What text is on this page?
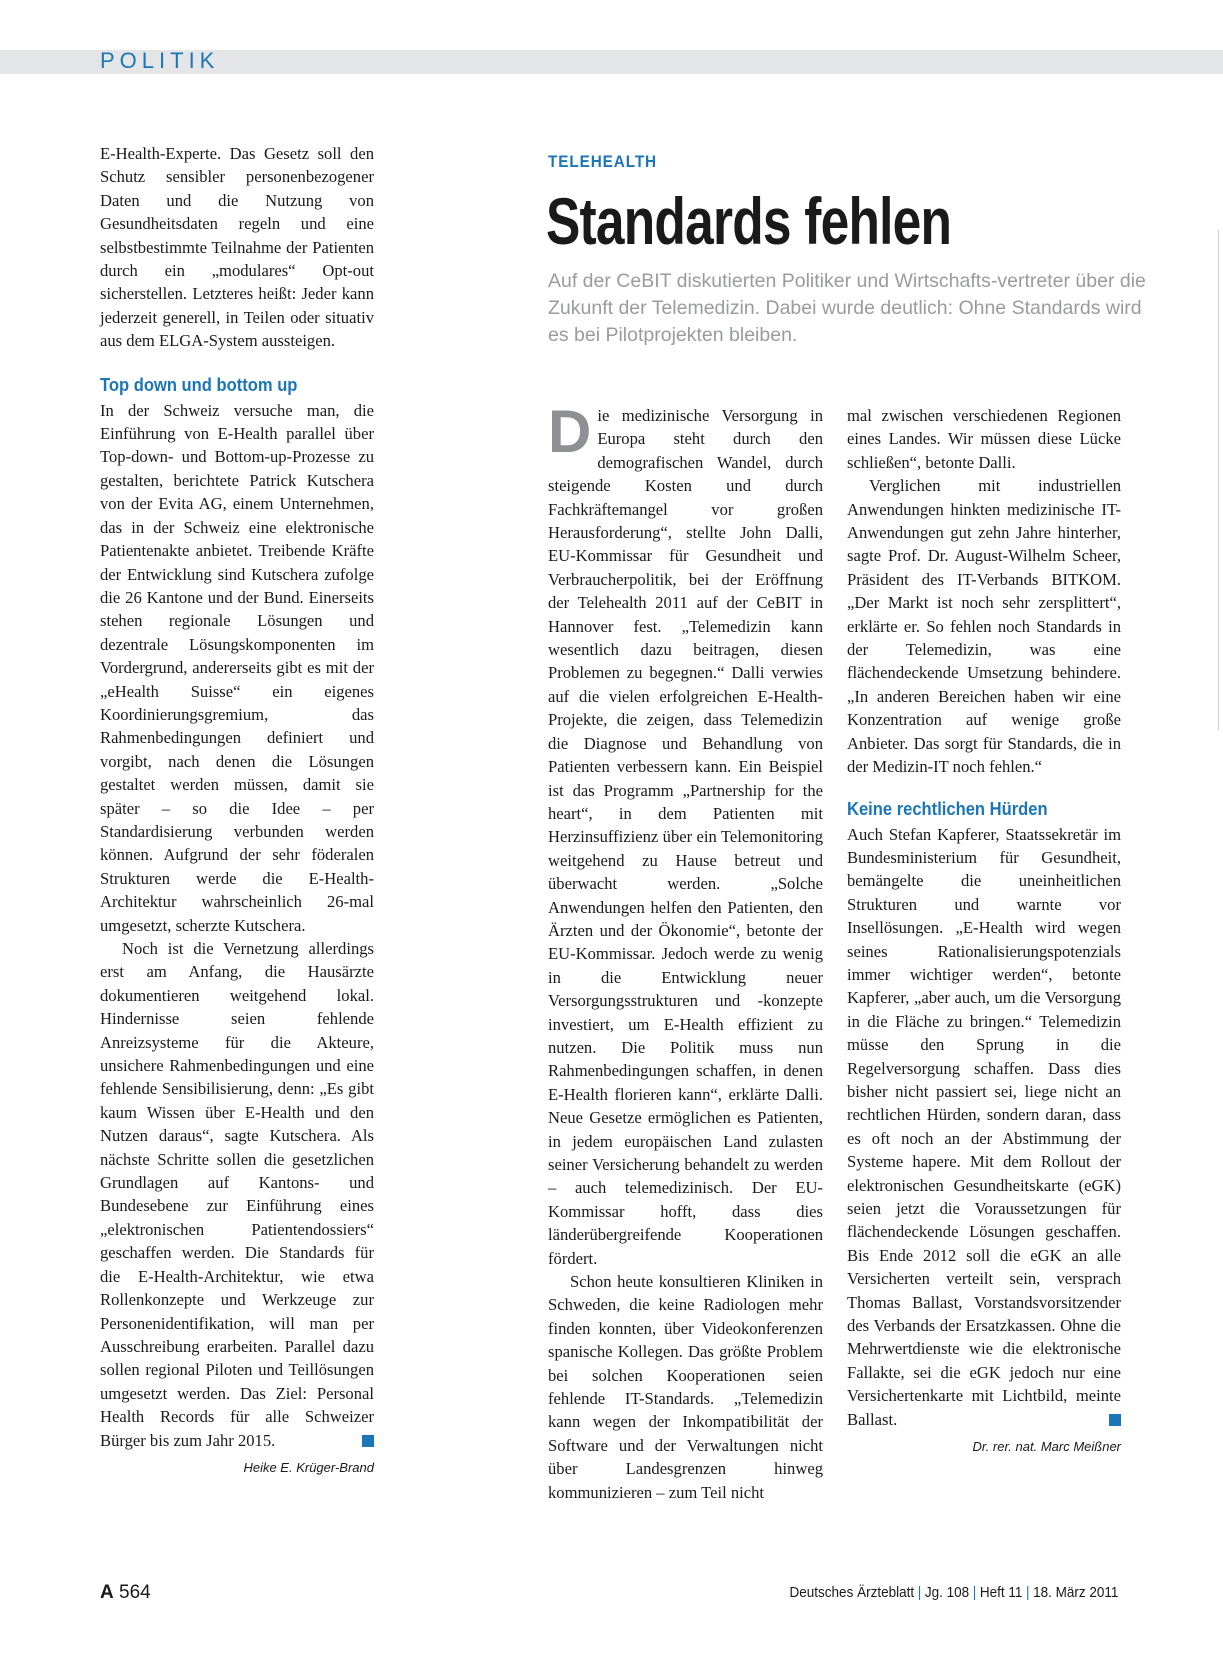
POLITIK

E-Health-Experte. Das Gesetz soll den Schutz sensibler personenbezogener Daten und die Nutzung von Gesundheitsdaten regeln und eine selbstbestimmte Teilnahme der Patienten durch ein „modulares“ Opt-out sicherstellen. Letzteres heißt: Jeder kann jederzeit generell, in Teilen oder situativ aus dem ELGA-System aussteigen.

Top down und bottom up

In der Schweiz versuche man, die Einführung von E-Health parallel über Top-down- und Bottom-up-Prozesse zu gestalten, berichtete Patrick Kutschera von der Evita AG, einem Unternehmen, das in der Schweiz eine elektronische Patientenakte anbietet. Treibende Kräfte der Entwicklung sind Kutschera zufolge die 26 Kantone und der Bund. Einerseits stehen regionale Lösungen und dezentrale Lösungskomponenten im Vordergrund, andererseits gibt es mit der „eHealth Suisse“ ein eigenes Koordinierungsgremium, das Rahmenbedingungen definiert und vorgibt, nach denen die Lösungen gestaltet werden müssen, damit sie später – so die Idee – per Standardisierung verbunden werden können. Aufgrund der sehr föderalen Strukturen werde die E-Health-Architektur wahrscheinlich 26-mal umgesetzt, scherzte Kutschera.

Noch ist die Vernetzung allerdings erst am Anfang, die Hausärzte dokumentieren weitgehend lokal. Hindernisse seien fehlende Anreizsysteme für die Akteure, unsichere Rahmenbedingungen und eine fehlende Sensibilisierung, denn: „Es gibt kaum Wissen über E-Health und den Nutzen daraus“, sagte Kutschera. Als nächste Schritte sollen die gesetzlichen Grundlagen auf Kantons- und Bundesebene zur Einführung eines „elektronischen Patientendossiers“ geschaffen werden. Die Standards für die E-Health-Architektur, wie etwa Rollenkonzepte und Werkzeuge zur Personenidentifikation, will man per Ausschreibung erarbeiten. Parallel dazu sollen regional Piloten und Teillösungen umgesetzt werden. Das Ziel: Personal Health Records für alle Schweizer Bürger bis zum Jahr 2015.

Heike E. Krüger-Brand
TELEHEALTH
Standards fehlen
Auf der CeBIT diskutierten Politiker und Wirtschafts-vertreter über die Zukunft der Telemedizin. Dabei wurde deutlich: Ohne Standards wird es bei Pilotprojekten bleiben.

Die medizinische Versorgung in Europa steht durch den demografischen Wandel, durch steigende Kosten und durch Fachkräftemangel vor großen Herausforderung“, stellte John Dalli, EU-Kommissar für Gesundheit und Verbraucherpolitik, bei der Eröffnung der Telehealth 2011 auf der CeBIT in Hannover fest. „Telemedizin kann wesentlich dazu beitragen, diesen Problemen zu begegnen.“ Dalli verwies auf die vielen erfolgreichen E-Health-Projekte, die zeigen, dass Telemedizin die Diagnose und Behandlung von Patienten verbessern kann. Ein Beispiel ist das Programm „Partnership for the heart“, in dem Patienten mit Herzinsuffizienz über ein Telemonitoring weitgehend zu Hause betreut und überwacht werden. „Solche Anwendungen helfen den Patienten, den Ärzten und der Ökonomie“, betonte der EU-Kommissar. Jedoch werde zu wenig in die Entwicklung neuer Versorgungsstrukturen und -konzepte investiert, um E-Health effizient zu nutzen. Die Politik muss nun Rahmenbedingungen schaffen, in denen E-Health florieren kann“, erklärte Dalli. Neue Gesetze ermöglichen es Patienten, in jedem europäischen Land zulasten seiner Versicherung behandelt zu werden – auch telemedizinisch. Der EU-Kommissar hofft, dass dies länderübergreifende Kooperationen fördert.

Schon heute konsultieren Kliniken in Schweden, die keine Radiologen mehr finden konnten, über Videokonferenzen spanische Kollegen. Das größte Problem bei solchen Kooperationen seien fehlende IT-Standards. „Telemedizin kann wegen der Inkompatibilität der Software und der Verwaltungen nicht über Landesgrenzen hinweg kommunizieren – zum Teil nicht

mal zwischen verschiedenen Regionen eines Landes. Wir müssen diese Lücke schließen“, betonte Dalli.

Verglichen mit industriellen Anwendungen hinkten medizinische IT-Anwendungen gut zehn Jahre hinterher, sagte Prof. Dr. August-Wilhelm Scheer, Präsident des IT-Verbands BITKOM. „Der Markt ist noch sehr zersplittert“, erklärte er. So fehlen noch Standards in der Telemedizin, was eine flächendeckende Umsetzung behindere. „In anderen Bereichen haben wir eine Konzentration auf wenige große Anbieter. Das sorgt für Standards, die in der Medizin-IT noch fehlen.“

Keine rechtlichen Hürden

Auch Stefan Kapferer, Staatssekretär im Bundesministerium für Gesundheit, bemängelte die uneinheitlichen Strukturen und warnte vor Insellösungen. „E-Health wird wegen seines Rationalisierungspotenzials immer wichtiger werden“, betonte Kapferer, „aber auch, um die Versorgung in die Fläche zu bringen.“ Telemedizin müsse den Sprung in die Regelversorgung schaffen. Dass dies bisher nicht passiert sei, liege nicht an rechtlichen Hürden, sondern daran, dass es oft noch an der Abstimmung der Systeme hapere. Mit dem Rollout der elektronischen Gesundheitskarte (eGK) seien jetzt die Voraussetzungen für flächendeckende Lösungen geschaffen. Bis Ende 2012 soll die eGK an alle Versicherten verteilt sein, versprach Thomas Ballast, Vorstandsvorsitzender des Verbands der Ersatzkassen. Ohne die Mehrwertdienste wie die elektronische Fallakte, sei die eGK jedoch nur eine Versichertenkarte mit Lichtbild, meinte Ballast.

Dr. rer. nat. Marc Meißner
A 564	Deutsches Ärzteblatt | Jg. 108 | Heft 11 | 18. März 2011
